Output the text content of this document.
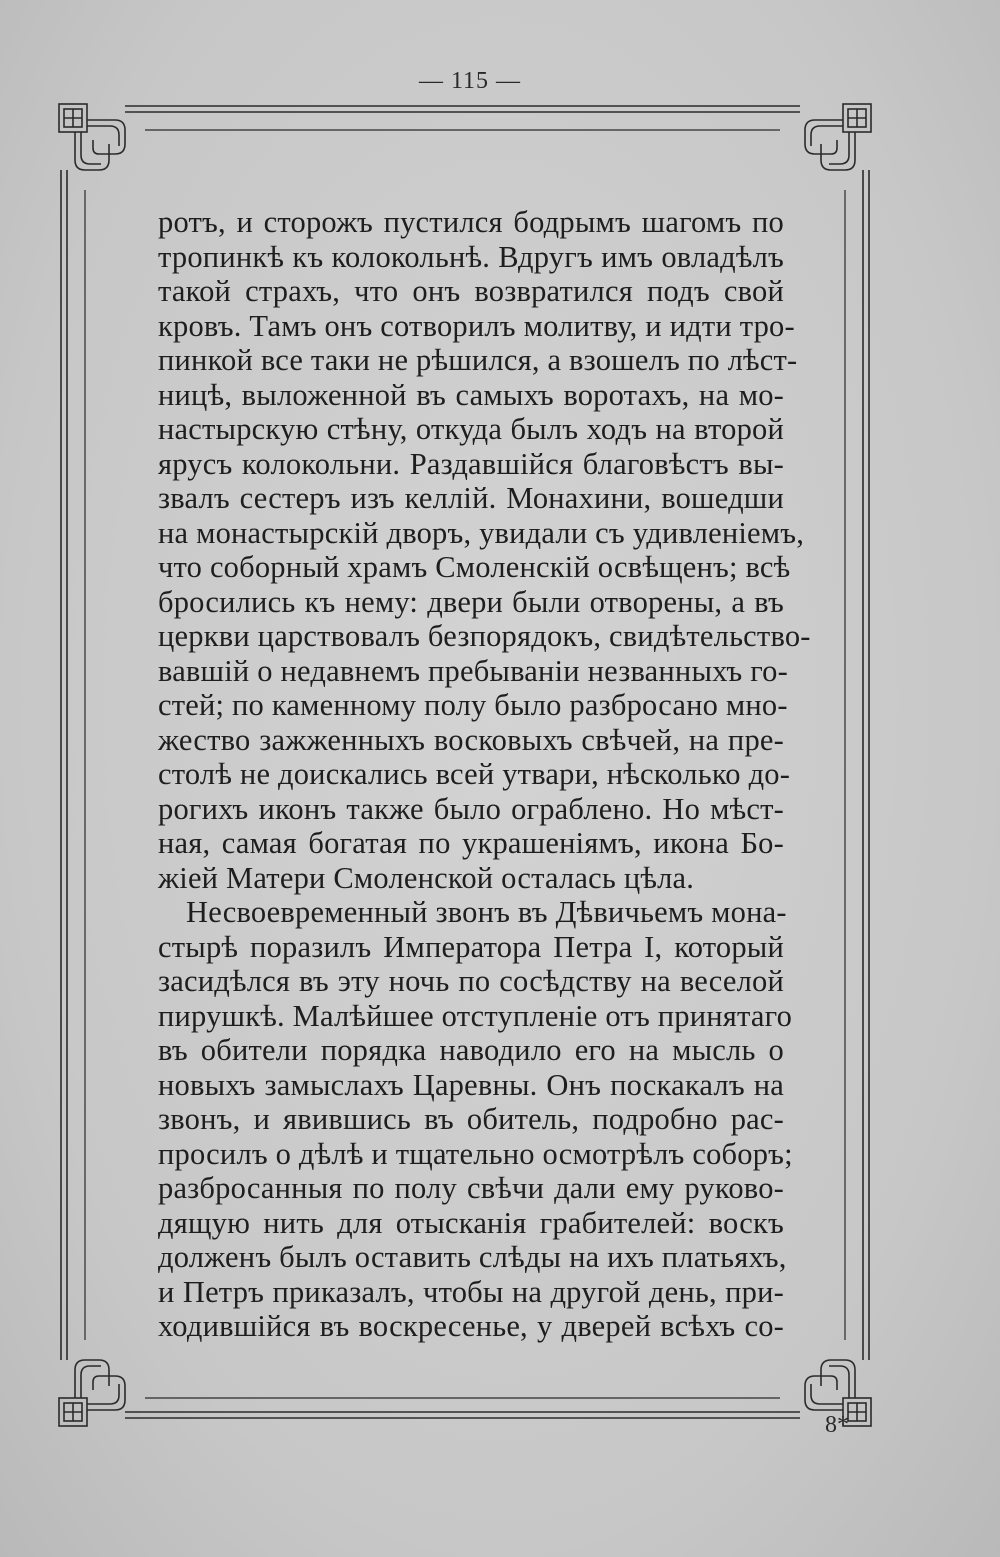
— 115 —
ротъ, и сторожъ пустился бодрымъ шагомъ по
тропинкѣ къ колокольнѣ. Вдругъ имъ овладѣлъ
такой страхъ, что онъ возвратился подъ свой
кровъ. Тамъ онъ сотворилъ молитву, и идти тро-
пинкой все таки не рѣшился, а взошелъ по лѣст-
ницѣ, выложенной въ самыхъ воротахъ, на мо-
настырскую стѣну, откуда былъ ходъ на второй
ярусъ колокольни. Раздавшійся благовѣстъ вы-
звалъ сестеръ изъ келлій. Монахини, вошедши
на монастырскій дворъ, увидали съ удивленіемъ,
что соборный храмъ Смоленскій освѣщенъ; всѣ
бросились къ нему: двери были отворены, а въ
церкви царствовалъ безпорядокъ, свидѣтельство-
вавшій о недавнемъ пребываніи незванныхъ го-
стей; по каменному полу было разбросано мно-
жество зажженныхъ восковыхъ свѣчей, на пре-
столѣ не доискались всей утвари, нѣсколько до-
рогихъ иконъ также было ограблено. Но мѣст-
ная, самая богатая по украшеніямъ, икона Бо-
жіей Матери Смоленской осталась цѣла.
Несвоевременный звонъ въ Дѣвичьемъ мона-
стырѣ поразилъ Императора Петра I, который
засидѣлся въ эту ночь по сосѣдству на веселой
пирушкѣ. Малѣйшее отступленіе отъ принятаго
въ обители порядка наводило его на мысль о
новыхъ замыслахъ Царевны. Онъ поскакалъ на
звонъ, и явившись въ обитель, подробно рас-
просилъ о дѣлѣ и тщательно осмотрѣлъ соборъ;
разбросанныя по полу свѣчи дали ему руково-
дящую нить для отысканія грабителей: воскъ
долженъ былъ оставить слѣды на ихъ платьяхъ,
и Петръ приказалъ, чтобы на другой день, при-
ходившійся въ воскресенье, у дверей всѣхъ со-
8*
